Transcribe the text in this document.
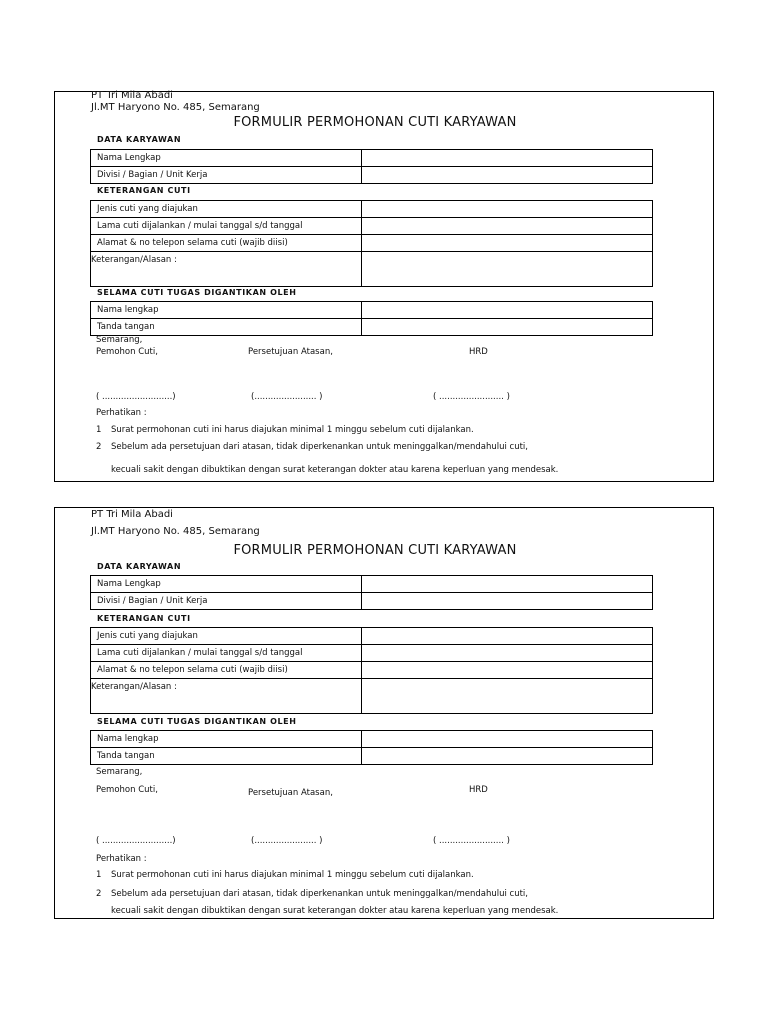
PT Tri Mila Abadi
Jl.MT Haryono No. 485, Semarang
FORMULIR PERMOHONAN CUTI KARYAWAN
DATA KARYAWAN
Nama Lengkap	
Divisi / Bagian / Unit Kerja	
KETERANGAN CUTI
Jenis cuti yang diajukan	
Lama cuti dijalankan / mulai tanggal s/d tanggal	
Alamat & no telepon selama cuti (wajib diisi)	
Keterangan/Alasan :	
SELAMA CUTI TUGAS DIGANTIKAN OLEH
Nama lengkap	
Tanda tangan	
Semarang,
Pemohon Cuti,	Persetujuan Atasan,	HRD
( ..........................)	(....................... )	( ........................ )
Perhatikan :
1 Surat permohonan cuti ini harus diajukan minimal 1 minggu sebelum cuti dijalankan.
2 Sebelum ada persetujuan dari atasan, tidak diperkenankan untuk meninggalkan/mendahului cuti,
kecuali sakit dengan dibuktikan dengan surat keterangan dokter atau karena keperluan yang mendesak.
PT Tri Mila Abadi
Jl.MT Haryono No. 485, Semarang
FORMULIR PERMOHONAN CUTI KARYAWAN
DATA KARYAWAN
Nama Lengkap	
Divisi / Bagian / Unit Kerja	
KETERANGAN CUTI
Jenis cuti yang diajukan	
Lama cuti dijalankan / mulai tanggal s/d tanggal	
Alamat & no telepon selama cuti (wajib diisi)	
Keterangan/Alasan :	
SELAMA CUTI TUGAS DIGANTIKAN OLEH
Nama lengkap	
Tanda tangan	
Semarang,
Pemohon Cuti,	Persetujuan Atasan,	HRD
( ..........................)	(....................... )	( ........................ )
Perhatikan :
1 Surat permohonan cuti ini harus diajukan minimal 1 minggu sebelum cuti dijalankan.
2 Sebelum ada persetujuan dari atasan, tidak diperkenankan untuk meninggalkan/mendahului cuti,
kecuali sakit dengan dibuktikan dengan surat keterangan dokter atau karena keperluan yang mendesak.
